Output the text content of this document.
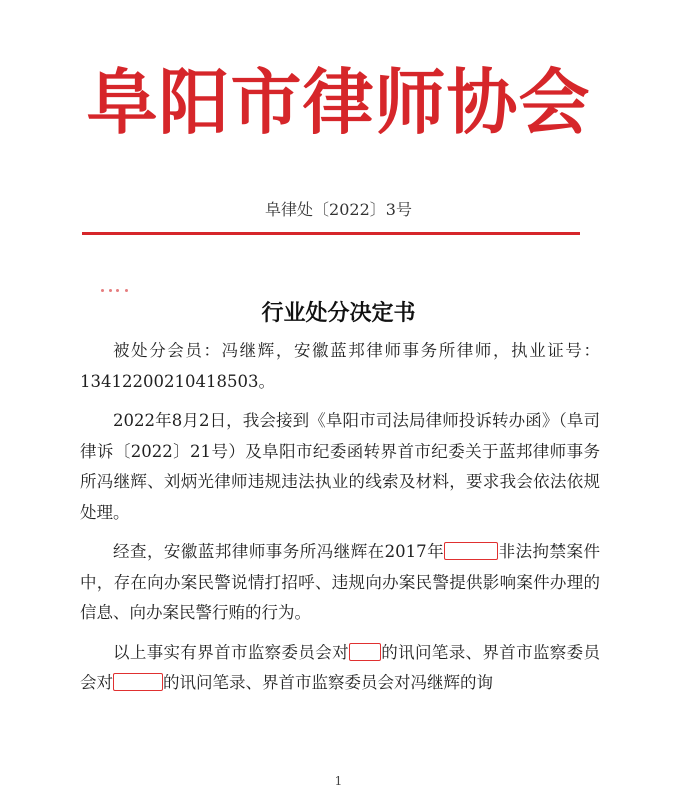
阜阳市律师协会
阜律处〔2022〕3号
行业处分决定书

被处分会员：冯继辉，安徽蓝邦律师事务所律师，执业证号：13412200210418503。

2022年8月2日，我会接到《阜阳市司法局律师投诉转办函》（阜司律诉〔2022〕21号）及阜阳市纪委函转界首市纪委关于蓝邦律师事务所冯继辉、刘炳光律师违规违法执业的线索及材料，要求我会依法依规处理。

经查，安徽蓝邦律师事务所冯继辉在2017年	非法拘禁案件中，存在向办案民警说情打招呼、违规向办案民警提供影响案件办理的信息、向办案民警行贿的行为。

以上事实有界首市监察委员会对 的讯问笔录、界首市监察委员会对	的讯问笔录、界首市监察委员会对冯继辉的询

1
